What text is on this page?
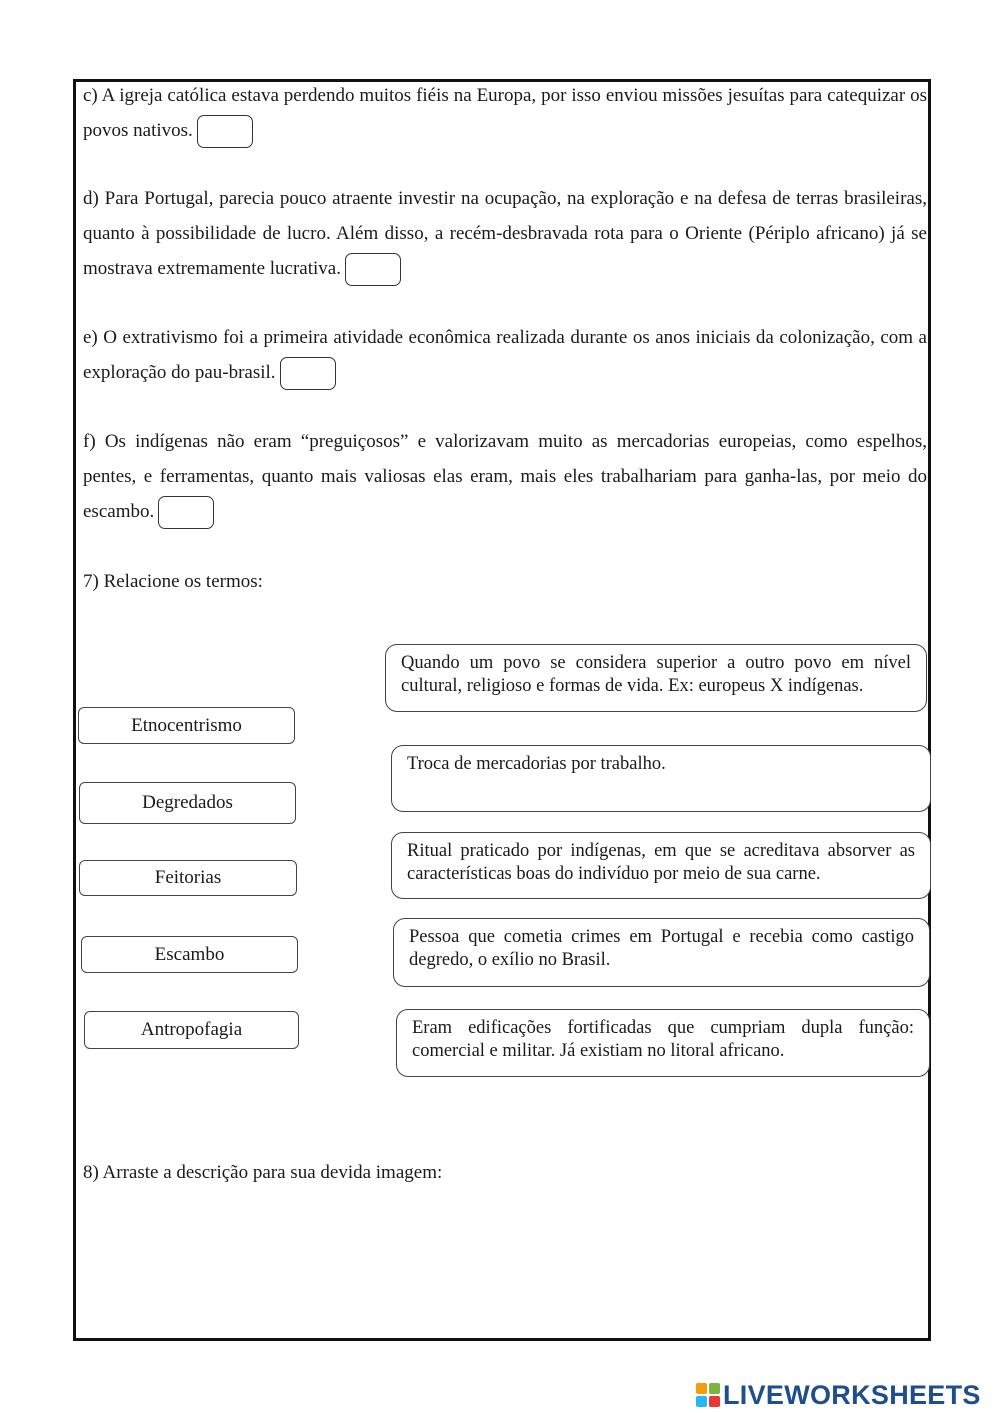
c) A igreja católica estava perdendo muitos fiéis na Europa, por isso enviou missões jesuítas para catequizar os povos nativos.
d) Para Portugal, parecia pouco atraente investir na ocupação, na exploração e na defesa de terras brasileiras, quanto à possibilidade de lucro. Além disso, a recém-desbravada rota para o Oriente (Périplo africano) já se mostrava extremamente lucrativa.
e) O extrativismo foi a primeira atividade econômica realizada durante os anos iniciais da colonização, com a exploração do pau-brasil.
f) Os indígenas não eram “preguiçosos” e valorizavam muito as mercadorias europeias, como espelhos, pentes, e ferramentas, quanto mais valiosas elas eram, mais eles trabalhariam para ganha-las, por meio do escambo.
7) Relacione os termos:
Etnocentrismo
Degredados
Feitorias
Escambo
Antropofagia
Quando um povo se considera superior a outro povo em nível cultural, religioso e formas de vida. Ex: europeus X indígenas.
Troca de mercadorias por trabalho.
Ritual praticado por indígenas, em que se acreditava absorver as características boas do indivíduo por meio de sua carne.
Pessoa que cometia crimes em Portugal e recebia como castigo degredo, o exílio no Brasil.
Eram edificações fortificadas que cumpriam dupla função: comercial e militar. Já existiam no litoral africano.
8) Arraste a descrição para sua devida imagem:
LIVEWORKSHEETS
